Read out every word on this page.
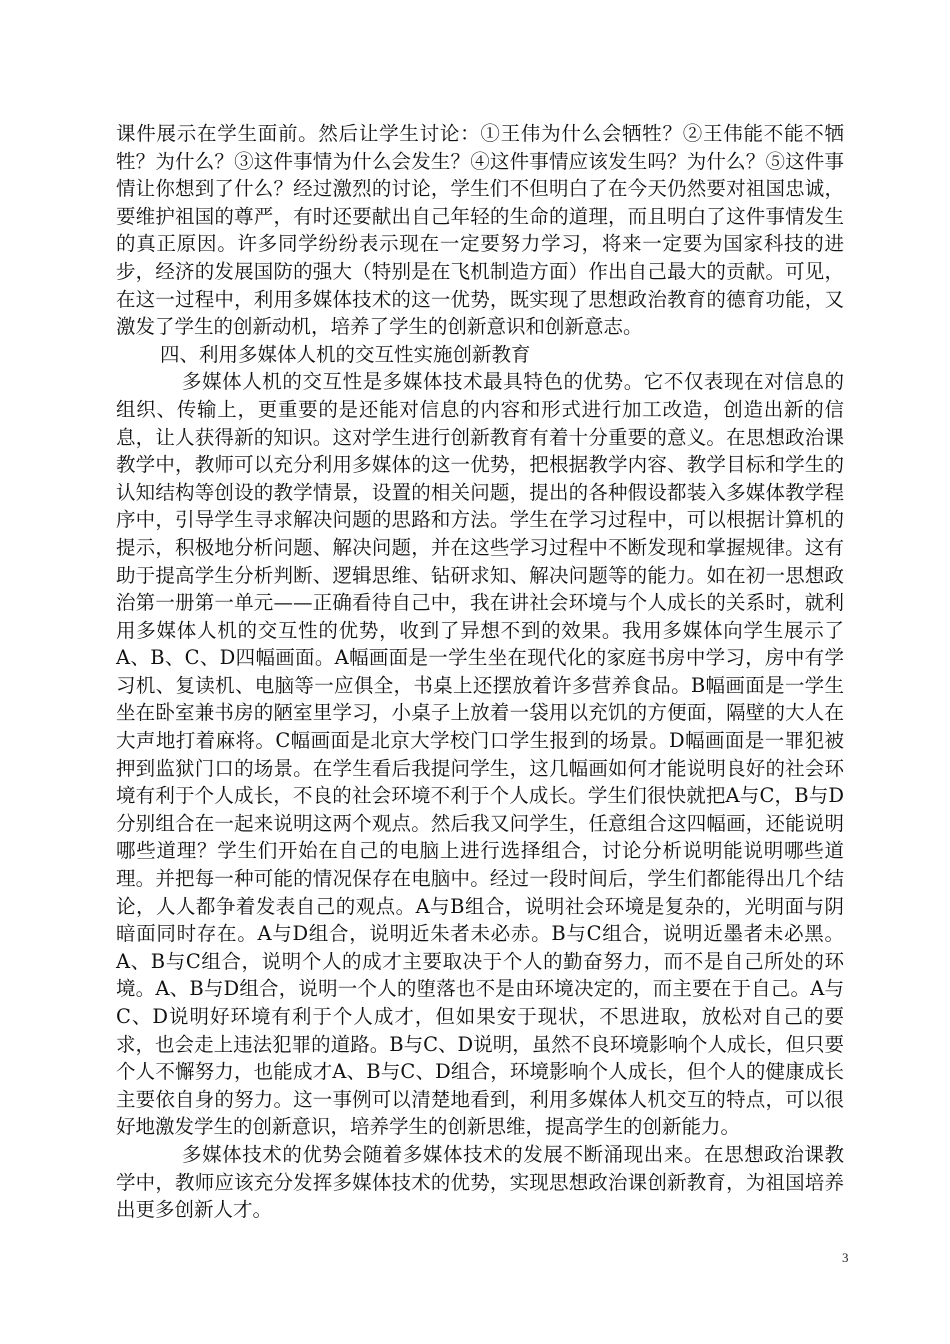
课件展示在学生面前。然后让学生讨论：①王伟为什么会牺牲？②王伟能不能不牺牲？为什么？③这件事情为什么会发生？④这件事情应该发生吗？为什么？⑤这件事情让你想到了什么？经过激烈的讨论，学生们不但明白了在今天仍然要对祖国忠诚，要维护祖国的尊严，有时还要献出自己年轻的生命的道理，而且明白了这件事情发生的真正原因。许多同学纷纷表示现在一定要努力学习，将来一定要为国家科技的进步，经济的发展国防的强大（特别是在飞机制造方面）作出自己最大的贡献。可见，在这一过程中，利用多媒体技术的这一优势，既实现了思想政治教育的德育功能，又激发了学生的创新动机，培养了学生的创新意识和创新意志。

四、利用多媒体人机的交互性实施创新教育

多媒体人机的交互性是多媒体技术最具特色的优势。它不仅表现在对信息的组织、传输上，更重要的是还能对信息的内容和形式进行加工改造，创造出新的信息，让人获得新的知识。这对学生进行创新教育有着十分重要的意义。在思想政治课教学中，教师可以充分利用多媒体的这一优势，把根据教学内容、教学目标和学生的认知结构等创设的教学情景，设置的相关问题，提出的各种假设都装入多媒体教学程序中，引导学生寻求解决问题的思路和方法。学生在学习过程中，可以根据计算机的提示，积极地分析问题、解决问题，并在这些学习过程中不断发现和掌握规律。这有助于提高学生分析判断、逻辑思维、钻研求知、解决问题等的能力。如在初一思想政治第一册第一单元——正确看待自己中，我在讲社会环境与个人成长的关系时，就利用多媒体人机的交互性的优势，收到了异想不到的效果。我用多媒体向学生展示了A、B、C、D四幅画面。A幅画面是一学生坐在现代化的家庭书房中学习，房中有学习机、复读机、电脑等一应俱全，书桌上还摆放着许多营养食品。B幅画面是一学生坐在卧室兼书房的陋室里学习，小桌子上放着一袋用以充饥的方便面，隔壁的大人在大声地打着麻将。C幅画面是北京大学校门口学生报到的场景。D幅画面是一罪犯被押到监狱门口的场景。在学生看后我提问学生，这几幅画如何才能说明良好的社会环境有利于个人成长，不良的社会环境不利于个人成长。学生们很快就把A与C，B与D分别组合在一起来说明这两个观点。然后我又问学生，任意组合这四幅画，还能说明哪些道理？学生们开始在自己的电脑上进行选择组合，讨论分析说明能说明哪些道理。并把每一种可能的情况保存在电脑中。经过一段时间后，学生们都能得出几个结论，人人都争着发表自己的观点。A与B组合，说明社会环境是复杂的，光明面与阴暗面同时存在。A与D组合，说明近朱者未必赤。B与C组合，说明近墨者未必黑。A、B与C组合，说明个人的成才主要取决于个人的勤奋努力，而不是自己所处的环境。A、B与D组合，说明一个人的堕落也不是由环境决定的，而主要在于自己。A与C、D说明好环境有利于个人成才，但如果安于现状，不思进取，放松对自己的要求，也会走上违法犯罪的道路。B与C、D说明，虽然不良环境影响个人成长，但只要个人不懈努力，也能成才A、B与C、D组合，环境影响个人成长，但个人的健康成长主要依自身的努力。这一事例可以清楚地看到，利用多媒体人机交互的特点，可以很好地激发学生的创新意识，培养学生的创新思维，提高学生的创新能力。

多媒体技术的优势会随着多媒体技术的发展不断涌现出来。在思想政治课教学中，教师应该充分发挥多媒体技术的优势，实现思想政治课创新教育，为祖国培养出更多创新人才。

3
